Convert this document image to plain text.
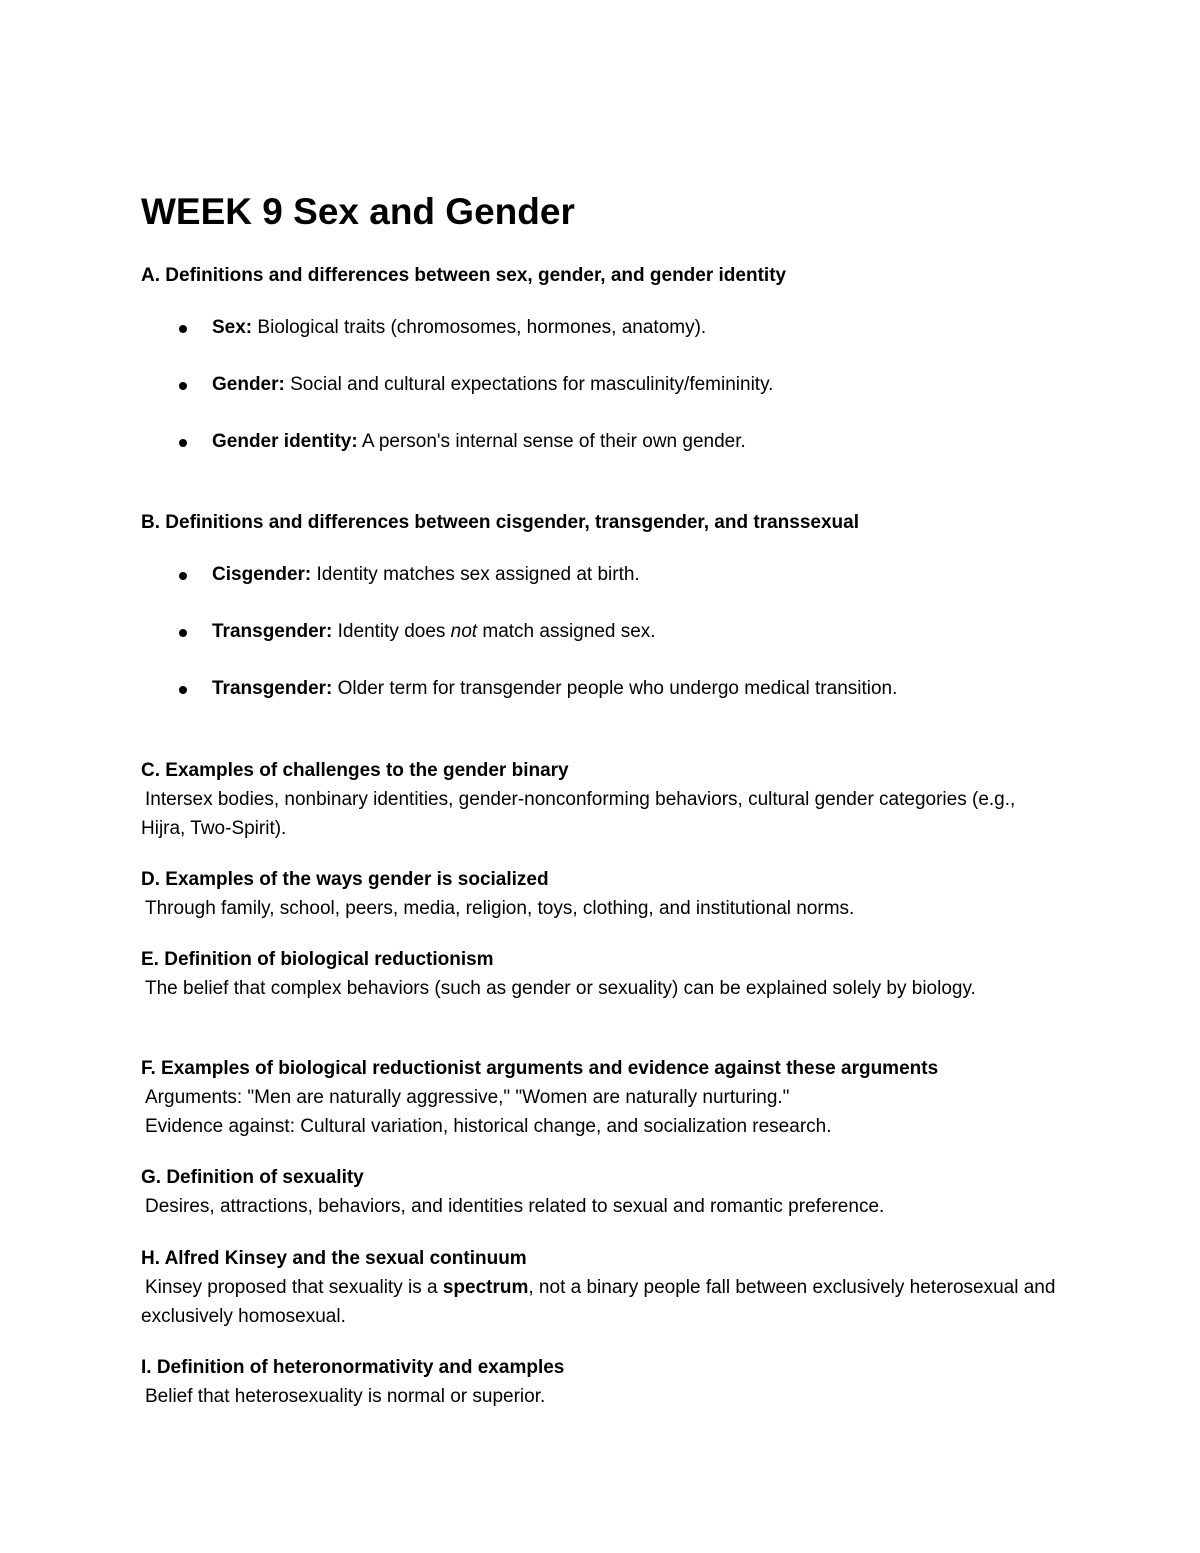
WEEK 9 Sex and Gender

A. Definitions and differences between sex, gender, and gender identity

Sex: Biological traits (chromosomes, hormones, anatomy).
Gender: Social and cultural expectations for masculinity/femininity.
Gender identity: A person's internal sense of their own gender.

B. Definitions and differences between cisgender, transgender, and transsexual

Cisgender: Identity matches sex assigned at birth.
Transgender: Identity does not match assigned sex.
Transgender: Older term for transgender people who undergo medical transition.

C. Examples of challenges to the gender binary

Intersex bodies, nonbinary identities, gender-nonconforming behaviors, cultural gender categories (e.g., Hijra, Two-Spirit).

D. Examples of the ways gender is socialized

Through family, school, peers, media, religion, toys, clothing, and institutional norms.

E. Definition of biological reductionism

The belief that complex behaviors (such as gender or sexuality) can be explained solely by biology.

F. Examples of biological reductionist arguments and evidence against these arguments

Arguments: "Men are naturally aggressive," "Women are naturally nurturing."

Evidence against: Cultural variation, historical change, and socialization research.

G. Definition of sexuality

Desires, attractions, behaviors, and identities related to sexual and romantic preference.

H. Alfred Kinsey and the sexual continuum

Kinsey proposed that sexuality is a spectrum, not a binary people fall between exclusively heterosexual and exclusively homosexual.

I. Definition of heteronormativity and examples

Belief that heterosexuality is normal or superior.
